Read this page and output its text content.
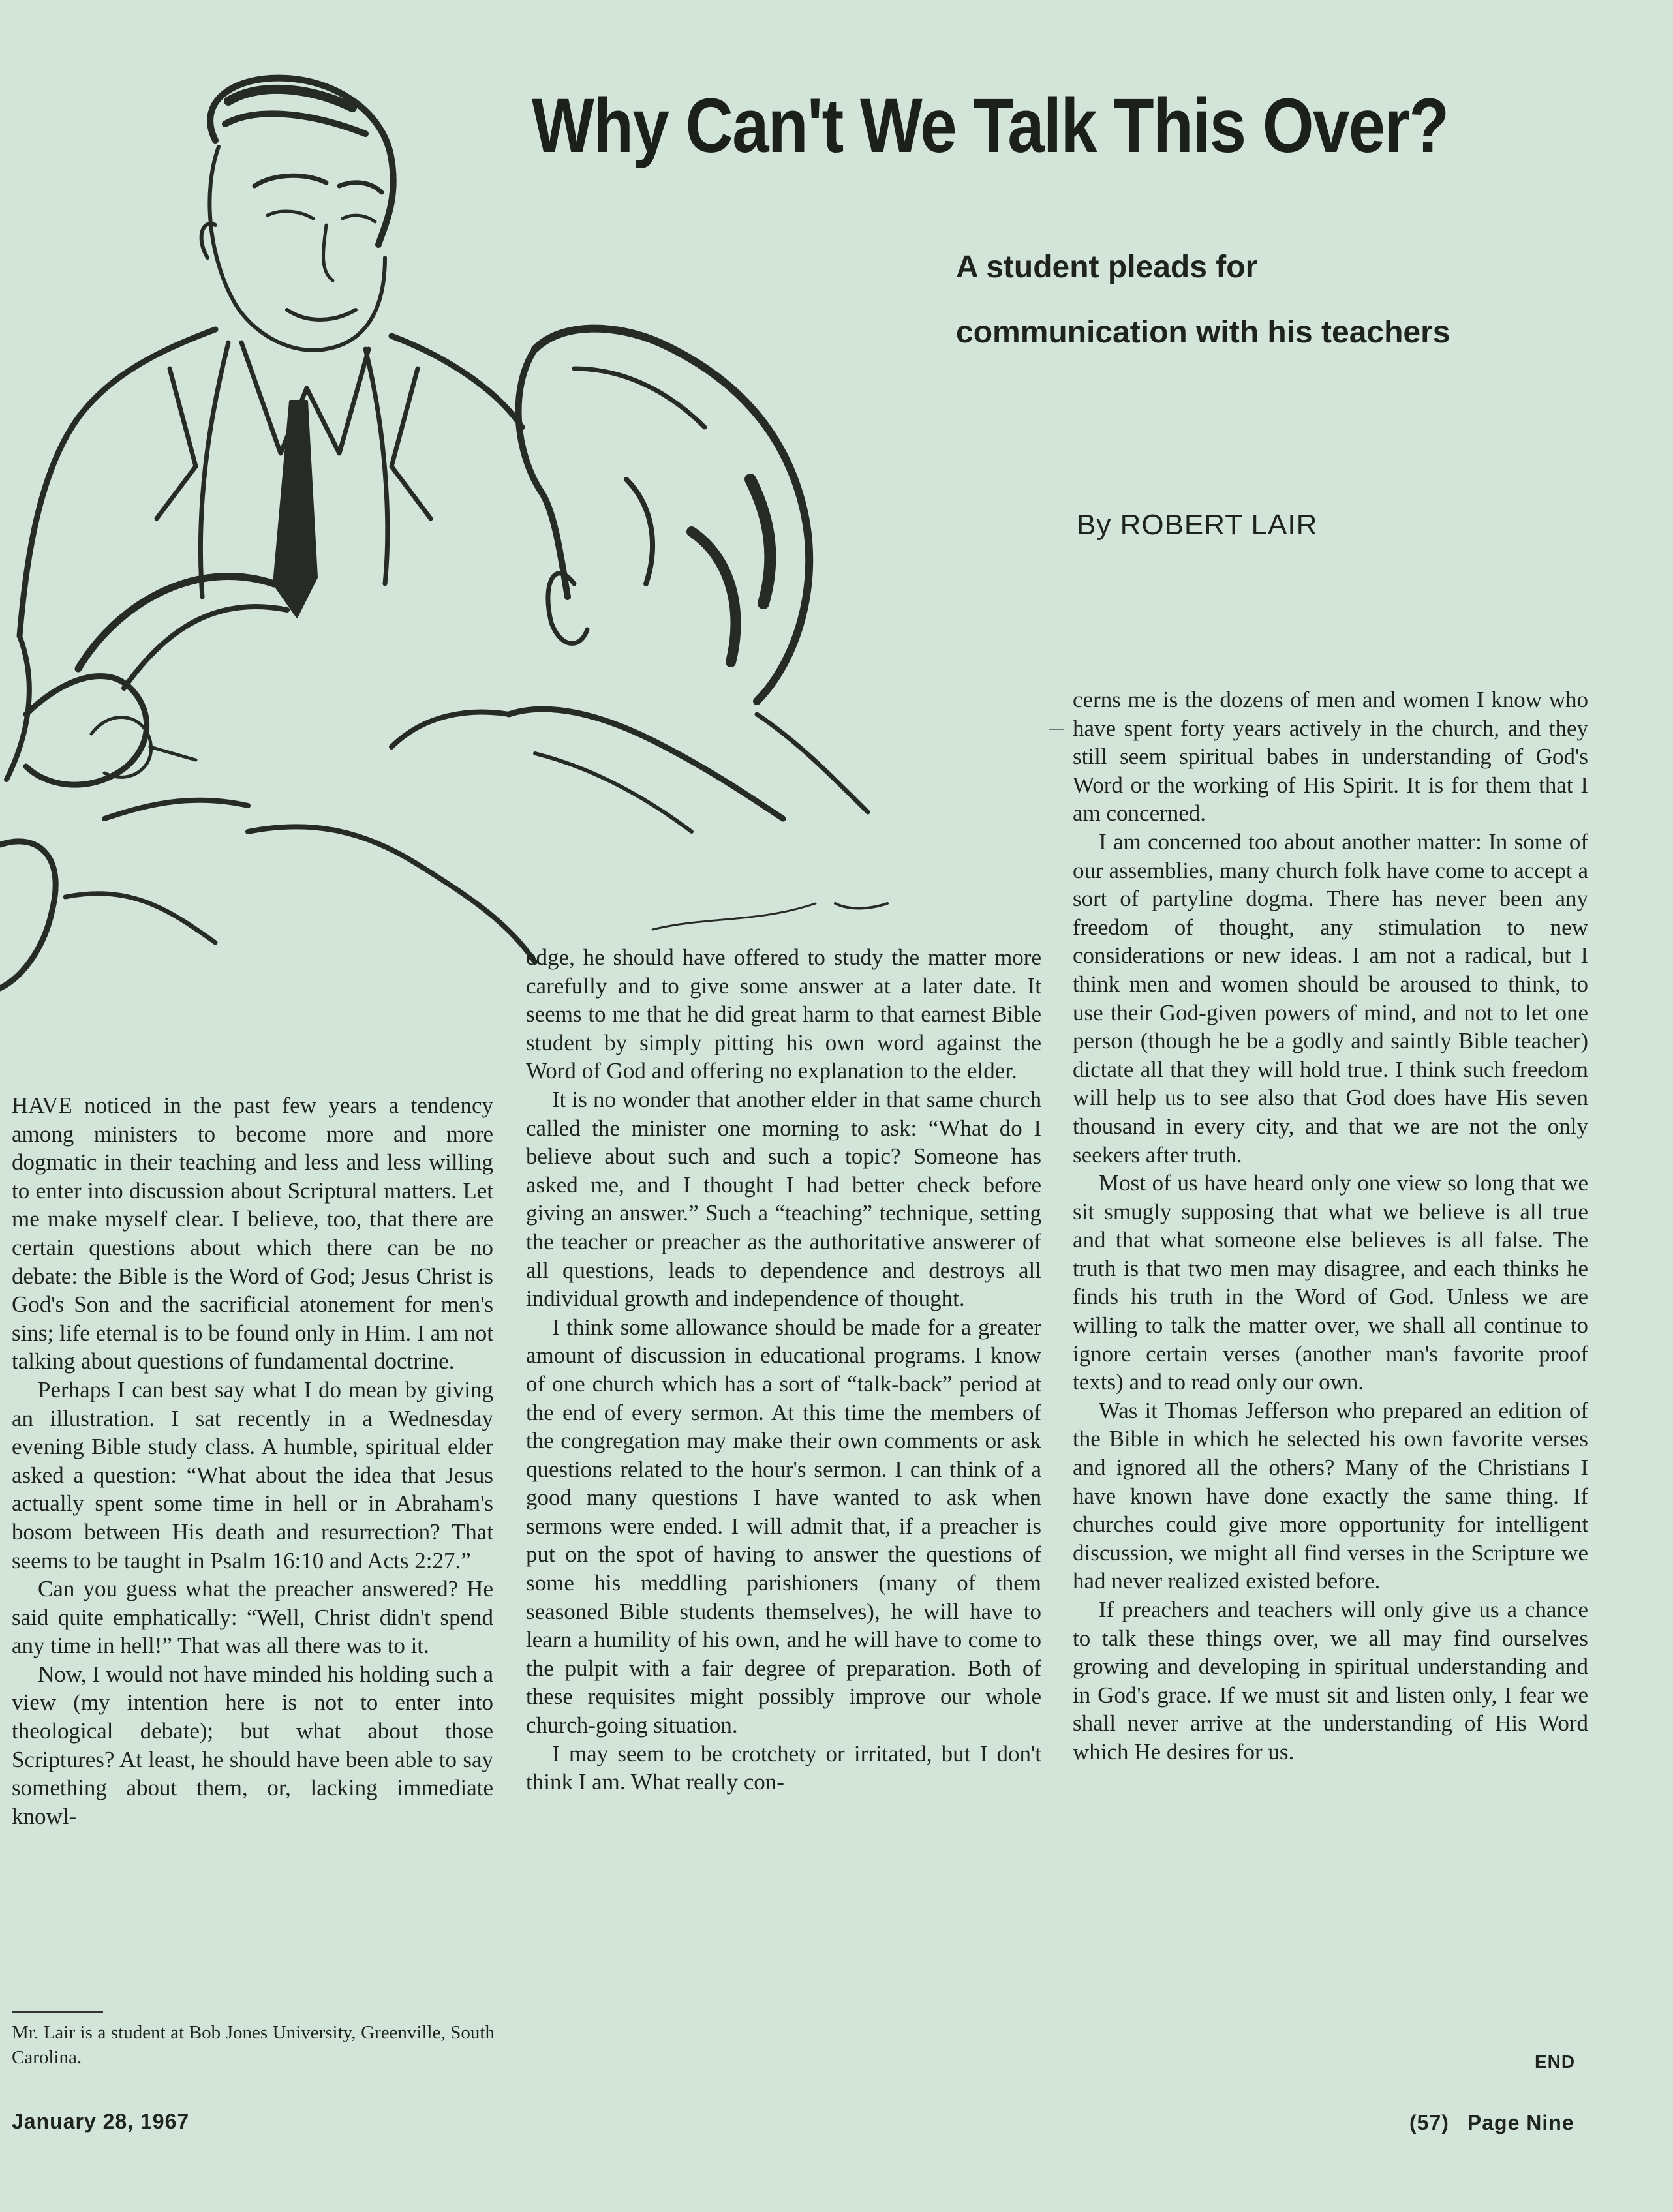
Why Can't We Talk This Over?
A student pleads for
communication with his teachers
By ROBERT LAIR

HAVE noticed in the past few years a tendency among ministers to become more and more dogmatic in their teaching and less and less willing to enter into discussion about Scriptural matters. Let me make myself clear. I believe, too, that there are certain questions about which there can be no debate: the Bible is the Word of God; Jesus Christ is God's Son and the sacrificial atonement for men's sins; life eternal is to be found only in Him. I am not talking about questions of fundamental doctrine.

Perhaps I can best say what I do mean by giving an illustration. I sat recently in a Wednesday evening Bible study class. A humble, spiritual elder asked a question: “What about the idea that Jesus actually spent some time in hell or in Abraham's bosom between His death and resurrection? That seems to be taught in Psalm 16:10 and Acts 2:27.”

Can you guess what the preacher answered? He said quite emphatically: “Well, Christ didn't spend any time in hell!” That was all there was to it.

Now, I would not have minded his holding such a view (my intention here is not to enter into theological debate); but what about those Scriptures? At least, he should have been able to say something about them, or, lacking immediate knowl-

edge, he should have offered to study the matter more carefully and to give some answer at a later date. It seems to me that he did great harm to that earnest Bible student by simply pitting his own word against the Word of God and offering no explanation to the elder.

It is no wonder that another elder in that same church called the minister one morning to ask: “What do I believe about such and such a topic? Someone has asked me, and I thought I had better check before giving an answer.” Such a “teaching” technique, setting the teacher or preacher as the authoritative answerer of all questions, leads to dependence and destroys all individual growth and independence of thought.

I think some allowance should be made for a greater amount of discussion in educational programs. I know of one church which has a sort of “talk-back” period at the end of every sermon. At this time the members of the congregation may make their own comments or ask questions related to the hour's sermon. I can think of a good many questions I have wanted to ask when sermons were ended. I will admit that, if a preacher is put on the spot of having to answer the questions of some his meddling parishioners (many of them seasoned Bible students themselves), he will have to learn a humility of his own, and he will have to come to the pulpit with a fair degree of preparation. Both of these requisites might possibly improve our whole church-going situation.

I may seem to be crotchety or irritated, but I don't think I am. What really con-

cerns me is the dozens of men and women I know who have spent forty years actively in the church, and they still seem spiritual babes in understanding of God's Word or the working of His Spirit. It is for them that I am concerned.

I am concerned too about another matter: In some of our assemblies, many church folk have come to accept a sort of partyline dogma. There has never been any freedom of thought, any stimulation to new considerations or new ideas. I am not a radical, but I think men and women should be aroused to think, to use their God-given powers of mind, and not to let one person (though he be a godly and saintly Bible teacher) dictate all that they will hold true. I think such freedom will help us to see also that God does have His seven thousand in every city, and that we are not the only seekers after truth.

Most of us have heard only one view so long that we sit smugly supposing that what we believe is all true and that what someone else believes is all false. The truth is that two men may disagree, and each thinks he finds his truth in the Word of God. Unless we are willing to talk the matter over, we shall all continue to ignore certain verses (another man's favorite proof texts) and to read only our own.

Was it Thomas Jefferson who prepared an edition of the Bible in which he selected his own favorite verses and ignored all the others? Many of the Christians I have known have done exactly the same thing. If churches could give more opportunity for intelligent discussion, we might all find verses in the Scripture we had never realized existed before.

If preachers and teachers will only give us a chance to talk these things over, we all may find ourselves growing and developing in spiritual understanding and in God's grace. If we must sit and listen only, I fear we shall never arrive at the understanding of His Word which He desires for us.

END
Mr. Lair is a student at Bob Jones University, Greenville, South Carolina.
January 28, 1967	(57) Page Nine
